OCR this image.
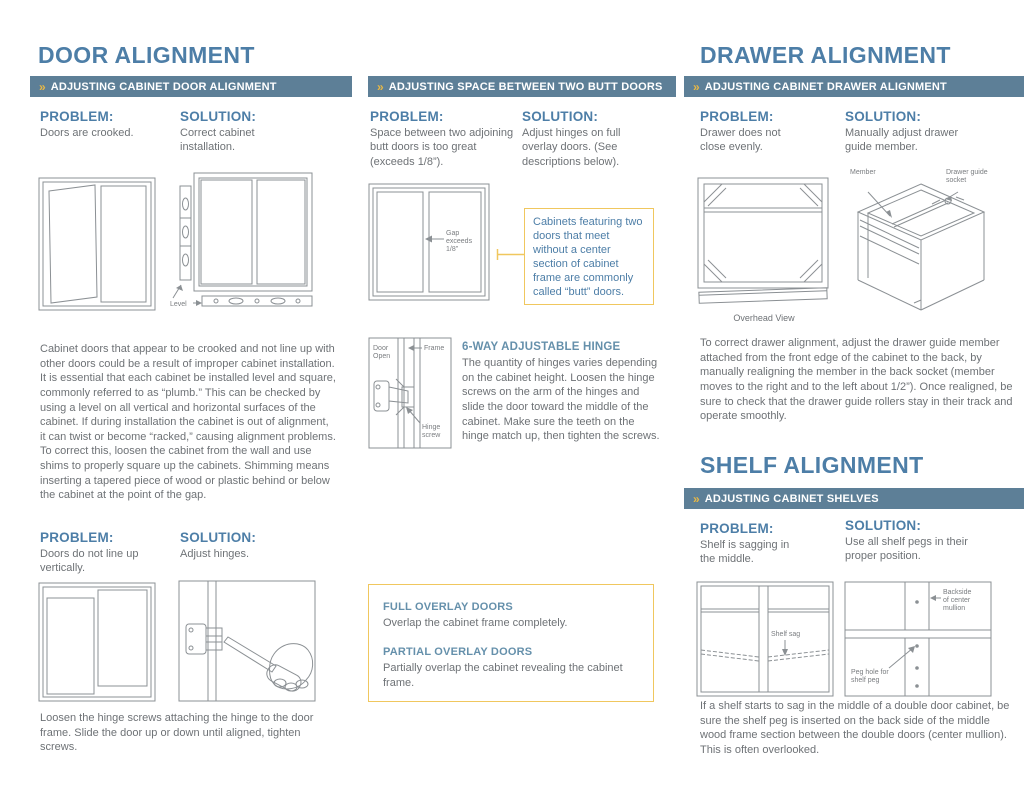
DOOR ALIGNMENT
» ADJUSTING CABINET DOOR ALIGNMENT
PROBLEM:
Doors are crooked.
SOLUTION:
Correct cabinet installation.
Level
Cabinet doors that appear to be crooked and not line up with other doors could be a result of improper cabinet installation. It is essential that each cabinet be installed level and square, commonly referred to as “plumb.” This can be checked by using a level on all vertical and horizontal surfaces of the cabinet. If during installation the cabinet is out of alignment, it can twist or become “racked,” causing alignment problems. To correct this, loosen the cabinet from the wall and use shims to properly square up the cabinets. Shimming means inserting a tapered piece of wood or plastic behind or below the cabinet at the point of the gap.
PROBLEM:
Doors do not line up vertically.
SOLUTION:
Adjust hinges.
Loosen the hinge screws attaching the hinge to the door frame. Slide the door up or down until aligned, tighten screws.
» ADJUSTING SPACE BETWEEN TWO BUTT DOORS
PROBLEM:
Space between two adjoining butt doors is too great (exceeds 1/8”).
SOLUTION:
Adjust hinges on full overlay doors. (See descriptions below).
Gap
exceeds
1/8”
Cabinets featuring two doors that meet without a center section of cabinet frame are commonly called “butt” doors.
Door
Open
Frame
Hinge
screw
6-WAY ADJUSTABLE HINGE
The quantity of hinges varies depending on the cabinet height. Loosen the hinge screws on the arm of the hinges and slide the door toward the middle of the cabinet. Make sure the teeth on the hinge match up, then tighten the screws.
FULL OVERLAY DOORS
Overlap the cabinet frame completely.
PARTIAL OVERLAY DOORS
Partially overlap the cabinet revealing the cabinet frame.
DRAWER ALIGNMENT
» ADJUSTING CABINET DRAWER ALIGNMENT
PROBLEM:
Drawer does not close evenly.
SOLUTION:
Manually adjust drawer guide member.
Overhead View
Member	Drawer guide
socket
To correct drawer alignment, adjust the drawer guide member attached from the front edge of the cabinet to the back, by manually realigning the member in the back socket (member moves to the right and to the left about 1/2”). Once realigned, be sure to check that the drawer guide rollers stay in their track and operate smoothly.
SHELF ALIGNMENT
» ADJUSTING CABINET SHELVES
PROBLEM:
Shelf is sagging in the middle.
SOLUTION:
Use all shelf pegs in their proper position.
Shelf sag
Backside
of center
mullion
Peg hole for
shelf peg
If a shelf starts to sag in the middle of a double door cabinet, be sure the shelf peg is inserted on the back side of the middle wood frame section between the double doors (center mullion). This is often overlooked.
